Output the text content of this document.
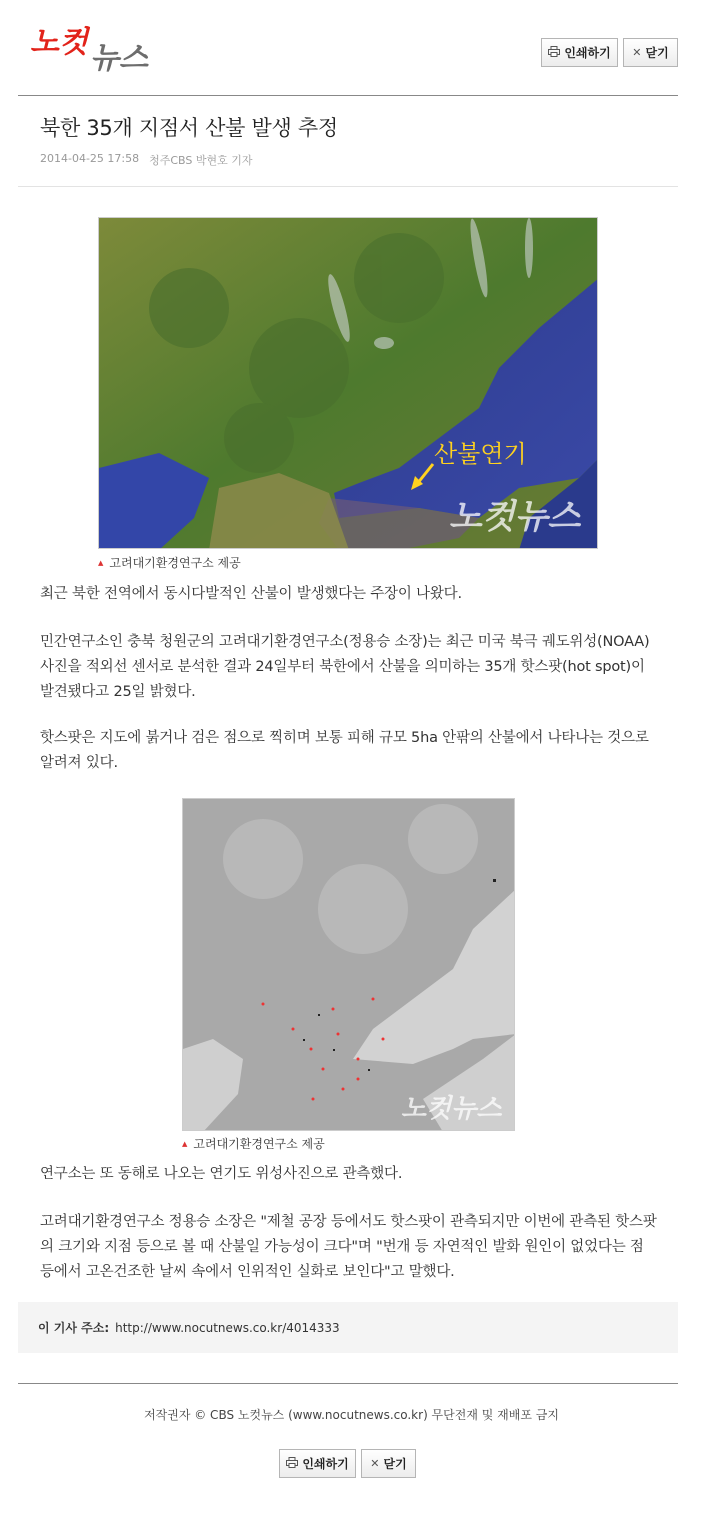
노컷 뉴스	인쇄하기 ✕ 닫기
북한 35개 지점서 산불 발생 추정
2014-04-25 17:58 청주CBS 박현호 기자
산불연기
노컷뉴스
▲ 고려대기환경연구소 제공

최근 북한 전역에서 동시다발적인 산불이 발생했다는 주장이 나왔다.

민간연구소인 충북 청원군의 고려대기환경연구소(정용승 소장)는 최근 미국 북극 궤도위성(NOAA) 사진을 적외선 센서로 분석한 결과 24일부터 북한에서 산불을 의미하는 35개 핫스팟(hot spot)이 발견됐다고 25일 밝혔다.

핫스팟은 지도에 붉거나 검은 점으로 찍히며 보통 피해 규모 5ha 안팎의 산불에서 나타나는 것으로 알려져 있다.

노컷뉴스
▲ 고려대기환경연구소 제공

연구소는 또 동해로 나오는 연기도 위성사진으로 관측했다.

고려대기환경연구소 정용승 소장은 "제철 공장 등에서도 핫스팟이 관측되지만 이번에 관측된 핫스팟의 크기와 지점 등으로 볼 때 산불일 가능성이 크다"며 "번개 등 자연적인 발화 원인이 없었다는 점 등에서 고온건조한 날씨 속에서 인위적인 실화로 보인다"고 말했다.

이 기사 주소: http://www.nocutnews.co.kr/4014333
저작권자 © CBS 노컷뉴스 (www.nocutnews.co.kr) 무단전재 및 재배포 금지
인쇄하기 ✕ 닫기
